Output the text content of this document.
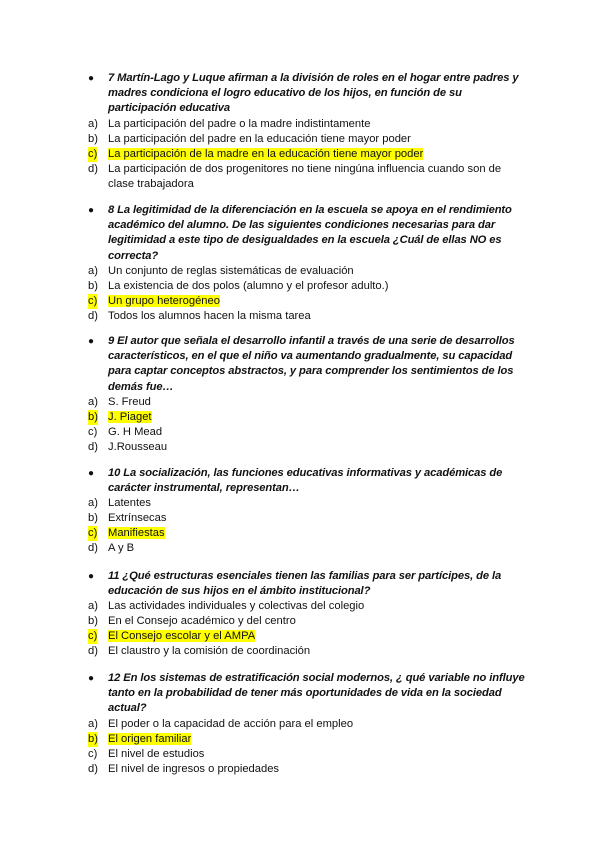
● 7 Martín-Lago y Luque afirman a la división de roles en el hogar entre padres y madres condiciona el logro educativo de los hijos, en función de su participación educativa
a) La participación del padre o la madre indistintamente
b) La participación del padre en la educación tiene mayor poder
c) La participación de la madre en la educación tiene mayor poder
d) La participación de dos progenitores no tiene ningúna influencia cuando son de clase trabajadora
● 8 La legitimidad de la diferenciación en la escuela se apoya en el rendimiento académico del alumno. De las siguientes condiciones necesarias para dar legitimidad a este tipo de desigualdades en la escuela ¿Cuál de ellas NO es correcta?
a) Un conjunto de reglas sistemáticas de evaluación
b) La existencia de dos polos (alumno y el profesor adulto.)
c) Un grupo heterogéneo
d) Todos los alumnos hacen la misma tarea
● 9 El autor que señala el desarrollo infantil a través de una serie de desarrollos característicos, en el que el niño va aumentando gradualmente, su capacidad para captar conceptos abstractos, y para comprender los sentimientos de los demás fue…
a) S. Freud
b) J. Piaget
c) G. H Mead
d) J.Rousseau
● 10 La socialización, las funciones educativas informativas y académicas de carácter instrumental, representan…
a) Latentes
b) Extrínsecas
c) Manifiestas
d) A y B
● 11 ¿Qué estructuras esenciales tienen las familias para ser partícipes, de la educación de sus hijos en el ámbito institucional?
a) Las actividades individuales y colectivas del colegio
b) En el Consejo académico y del centro
c) El Consejo escolar y el AMPA
d) El claustro y la comisión de coordinación
● 12 En los sistemas de estratificación social modernos, ¿ qué variable no influye tanto en la probabilidad de tener más oportunidades de vida en la sociedad actual?
a) El poder o la capacidad de acción para el empleo
b) El origen familiar
c) El nivel de estudios
d) El nivel de ingresos o propiedades
